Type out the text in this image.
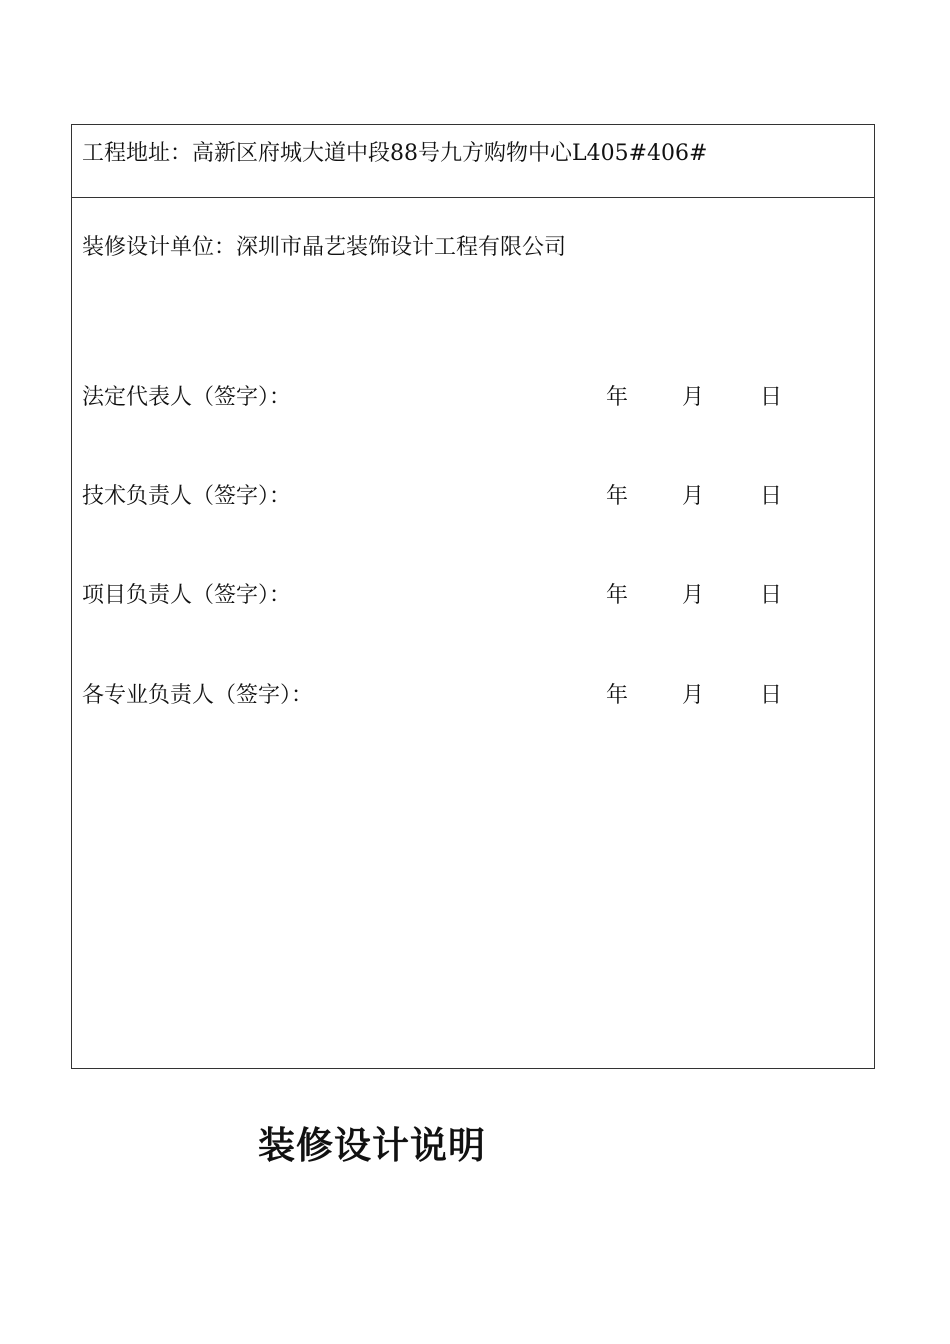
工程地址：高新区府城大道中段88号九方购物中心L405#406#
装修设计单位：深圳市晶艺装饰设计工程有限公司
法定代表人（签字）：	年 月	日
技术负责人（签字）：	年 月	日
项目负责人（签字）：	年 月	日
各专业负责人（签字）：	年 月	日
装修设计说明
